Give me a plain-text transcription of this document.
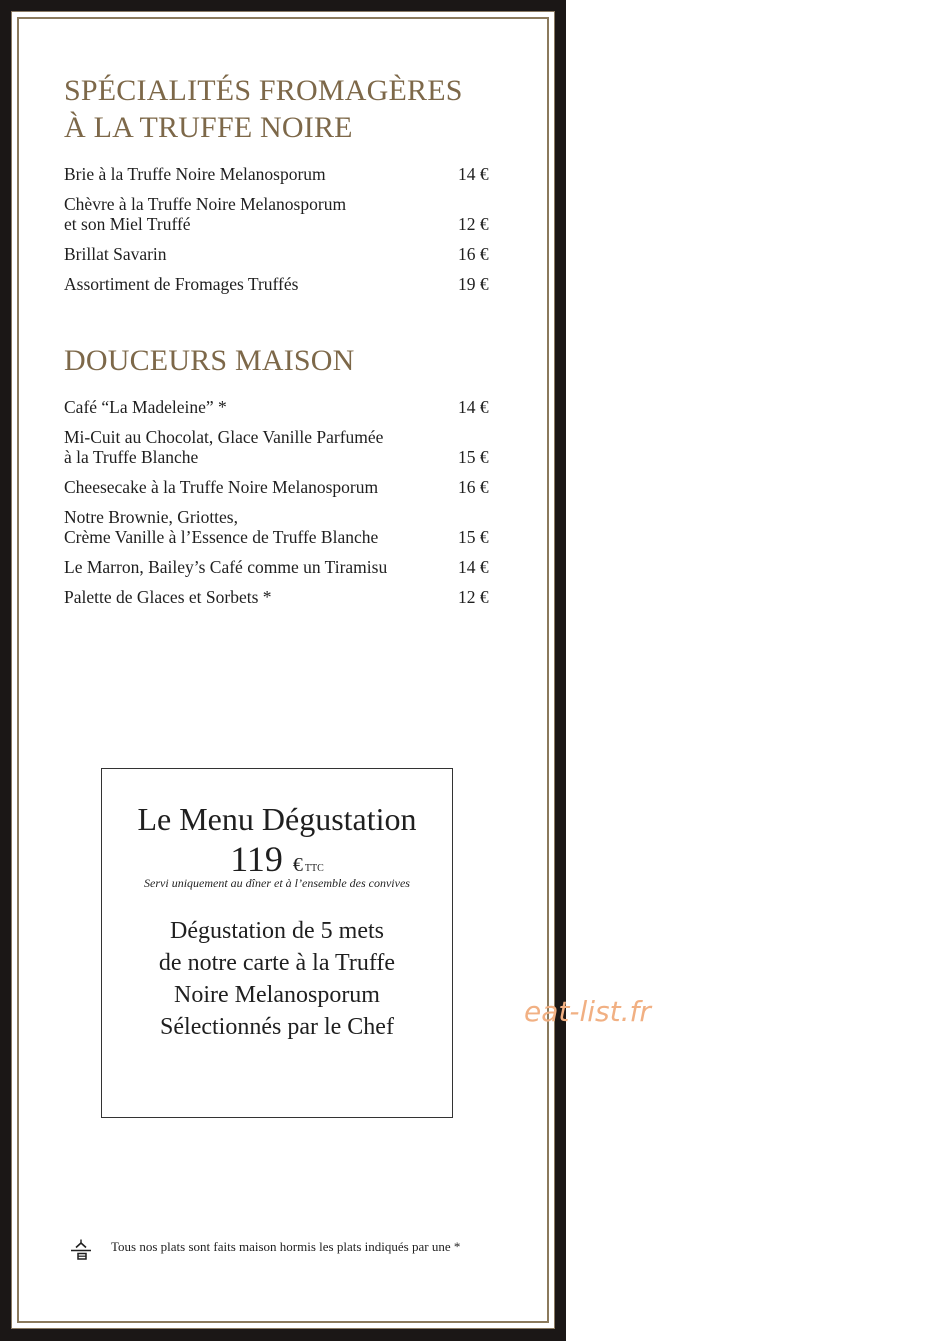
SPÉCIALITÉS FROMAGÈRES
À LA TRUFFE NOIRE
Brie à la Truffe Noire Melanosporum	14 €
Chèvre à la Truffe Noire Melanosporum
et son Miel Truffé	12 €
Brillat Savarin	16 €
Assortiment de Fromages Truffés	19 €
DOUCEURS MAISON
Café “La Madeleine” *	14 €
Mi-Cuit au Chocolat, Glace Vanille Parfumée
à la Truffe Blanche	15 €
Cheesecake à la Truffe Noire Melanosporum	16 €
Notre Brownie, Griottes,
Crème Vanille à l’Essence de Truffe Blanche	15 €
Le Marron, Bailey’s Café comme un Tiramisu	14 €
Palette de Glaces et Sorbets *	12 €
Le Menu Dégustation
119 € TTC
Servi uniquement au dîner et à l’ensemble des convives
Dégustation de 5 mets
de notre carte à la Truffe
Noire Melanosporum
Sélectionnés par le Chef
Tous nos plats sont faits maison hormis les plats indiqués par une *
eat-list.fr
